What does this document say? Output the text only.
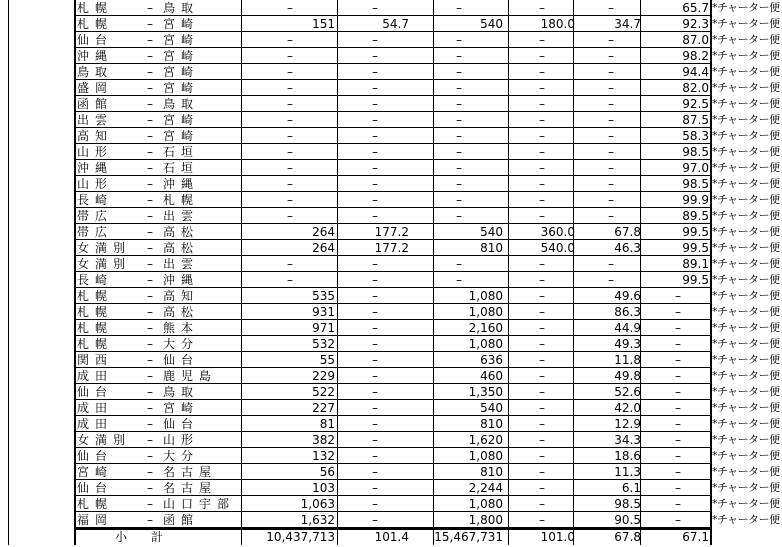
札幌	– 鳥取	–	–	–	–	–	65.7 *チャーター便
札幌	– 宮崎	151	54.7	540	180.0	34.7	92.3 *チャーター便
仙台	– 宮崎	–	–	–	–	–	87.0 *チャーター便
沖縄	– 宮崎	–	–	–	–	–	98.2 *チャーター便
鳥取	– 宮崎	–	–	–	–	–	94.4 *チャーター便
盛岡	– 宮崎	–	–	–	–	–	82.0 *チャーター便
函館	– 鳥取	–	–	–	–	–	92.5 *チャーター便
出雲	– 宮崎	–	–	–	–	–	87.5 *チャーター便
高知	– 宮崎	–	–	–	–	–	58.3 *チャーター便
山形	– 石垣	–	–	–	–	–	98.5 *チャーター便
沖縄	– 石垣	–	–	–	–	–	97.0 *チャーター便
山形	– 沖縄	–	–	–	–	–	98.5 *チャーター便
長崎	– 札幌	–	–	–	–	–	99.9 *チャーター便
帯広	– 出雲	–	–	–	–	–	89.5 *チャーター便
帯広	– 高松	264	177.2	540	360.0	67.8	99.5 *チャーター便
女満別	– 高松	264	177.2	810	540.0	46.3	99.5 *チャーター便
女満別	– 出雲	–	–	–	–	–	89.1 *チャーター便
長崎	– 沖縄	–	–	–	–	–	99.5 *チャーター便
札幌	– 高知	535	–	1,080	–	49.6	–	*チャーター便
札幌	– 高松	931	–	1,080	–	86.3	–	*チャーター便
札幌	– 熊本	971	–	2,160	–	44.9	–	*チャーター便
札幌	– 大分	532	–	1,080	–	49.3	–	*チャーター便
関西	– 仙台	55	–	636	–	11.8	–	*チャーター便
成田	– 鹿児島	229	–	460	–	49.8	–	*チャーター便
仙台	– 鳥取	522	–	1,350	–	52.6	–	*チャーター便
成田	– 宮崎	227	–	540	–	42.0	–	*チャーター便
成田	– 仙台	81	–	810	–	12.9	–	*チャーター便
女満別	– 山形	382	–	1,620	–	34.3	–	*チャーター便
仙台	– 大分	132	–	1,080	–	18.6	–	*チャーター便
宮崎	– 名古屋	56	–	810	–	11.3	–	*チャーター便
仙台	– 名古屋	103	–	2,244	–	6.1	–	*チャーター便
札幌	– 山口宇部	1,063	–	1,080	–	98.5	–	*チャーター便
福岡	– 函館	1,632	–	1,800	–	90.5	–	*チャーター便
小　　計	10,437,713	101.4	15,467,731	101.0	67.8	67.1
